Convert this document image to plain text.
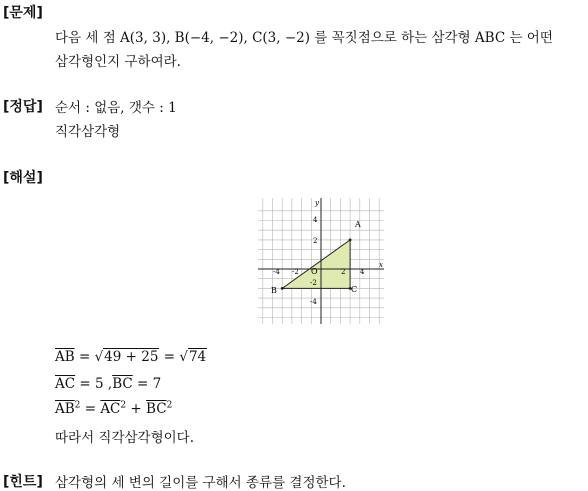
[문제]
다음 세 점 A(3, 3), B(−4, −2), C(3, −2) 를 꼭짓점으로 하는 삼각형 ABC 는 어떤
삼각형인지 구하여라.
[정답] 순서 : 없음, 갯수 : 1
직각삼각형
[해설]
x
y
O
-4 -2	2 4
4
2
-2
-4
A
B	C
$\overline{AB} = √49 + 25 = √74$
$\overline{AC} = 5$ $,\overline{BC} = 7$
$\overline{AB}^2 = \overline{AC}^2 + \overline{BC}^2$
따라서 직각삼각형이다.
[힌트] 삼각형의 세 변의 길이를 구해서 종류를 결정한다.
